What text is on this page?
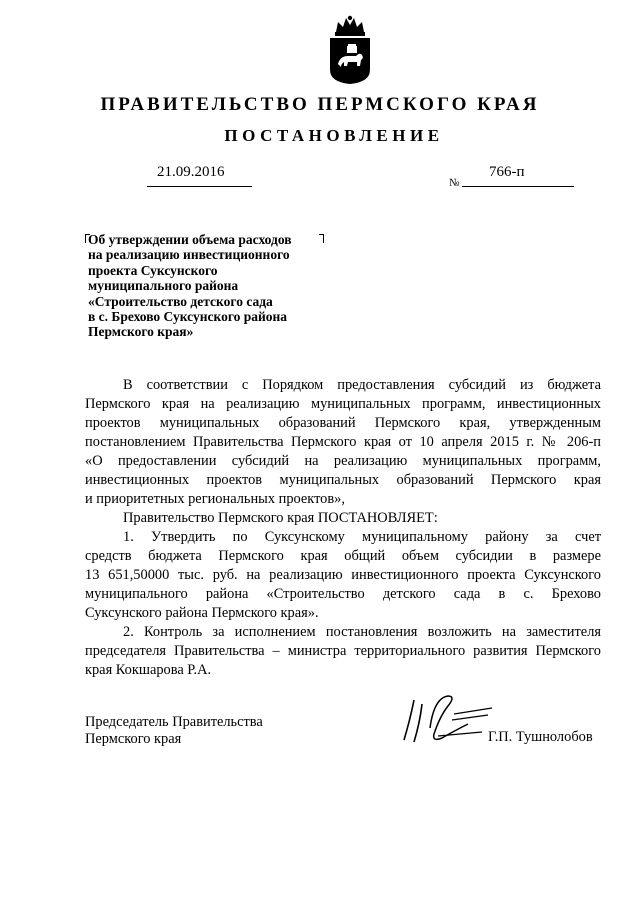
ПРАВИТЕЛЬСТВО ПЕРМСКОГО КРАЯ
ПОСТАНОВЛЕНИЕ
21.09.2016
№
766-п
Об утверждении объема расходов
на реализацию инвестиционного
проекта Суксунского
муниципального района
«Строительство детского сада
в с. Брехово Суксунского района
Пермского края»
В соответствии с Порядком предоставления субсидий из бюджета
Пермского края на реализацию муниципальных программ, инвестиционных
проектов муниципальных образований Пермского края, утвержденным
постановлением Правительства Пермского края от 10 апреля 2015 г. № 206-п
«О предоставлении субсидий на реализацию муниципальных программ,
инвестиционных проектов муниципальных образований Пермского края
и приоритетных региональных проектов»,
Правительство Пермского края ПОСТАНОВЛЯЕТ:
1. Утвердить по Суксунскому муниципальному району за счет
средств бюджета Пермского края общий объем субсидии в размере
13 651,50000 тыс. руб. на реализацию инвестиционного проекта Суксунского
муниципального района «Строительство детского сада в с. Брехово
Суксунского района Пермского края».
2. Контроль за исполнением постановления возложить на заместителя
председателя Правительства – министра территориального развития Пермского
края Кокшарова Р.А.
Председатель Правительства
Пермского края	Г.П. Тушнолобов
